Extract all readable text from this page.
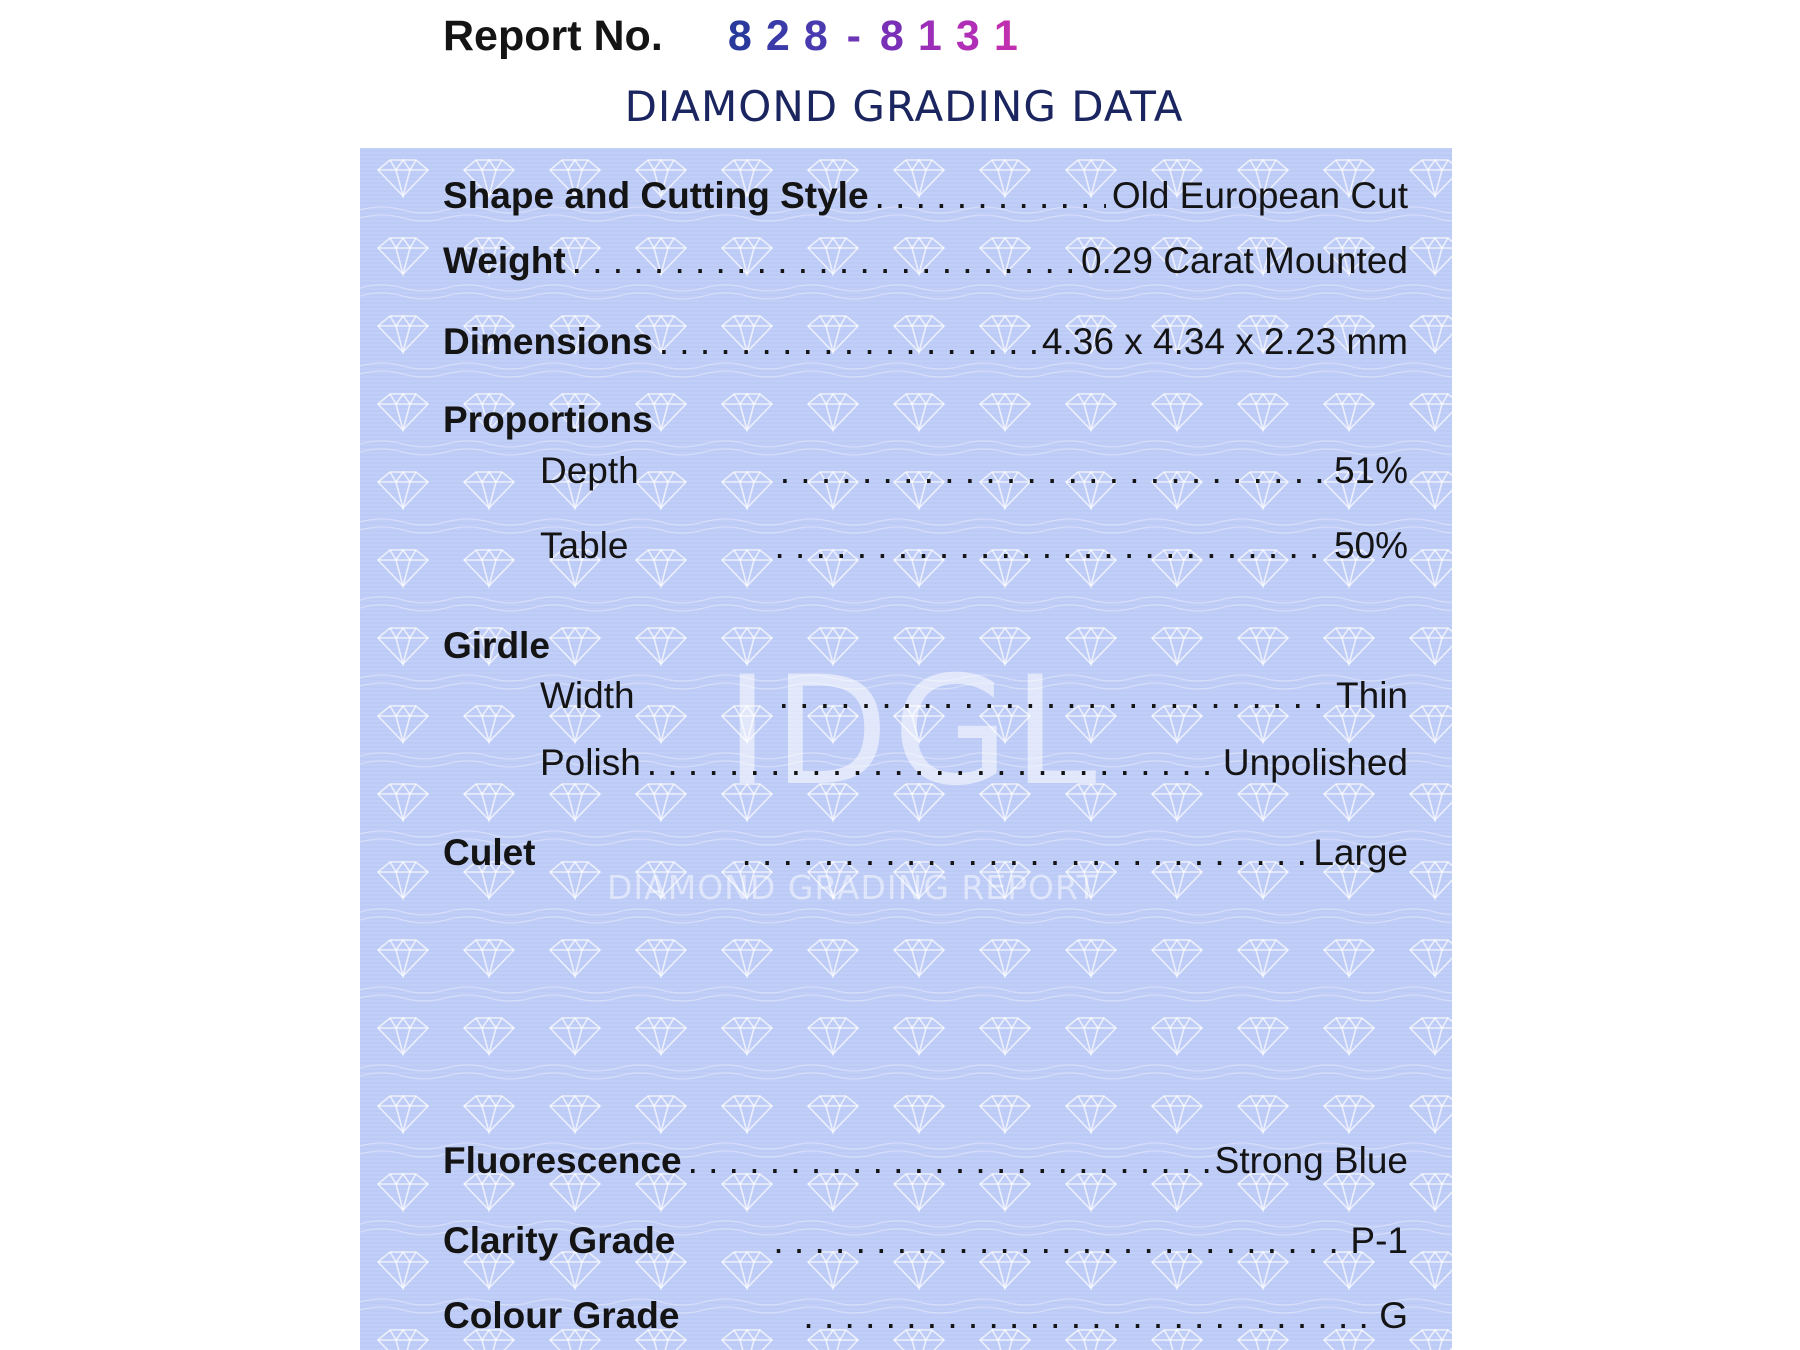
Report No. 8 2 8 - 8 1 3 1
DIAMOND GRADING DATA
IDGL
DIAMOND GRADING REPORT
Shape and Cutting Style . . .	Old European Cut
Weight . . .	0.29 Carat Mounted
Dimensions . . .	4.36 x 4.34 x 2.23 mm
Proportions
Depth . . .	51%
Table . . .	50%
Girdle
Width . . .	Thin
Polish . . .	Unpolished
Culet . . .	Large
Fluorescence . . .	Strong Blue
Clarity Grade . . .	P-1
Colour Grade . . .	G
